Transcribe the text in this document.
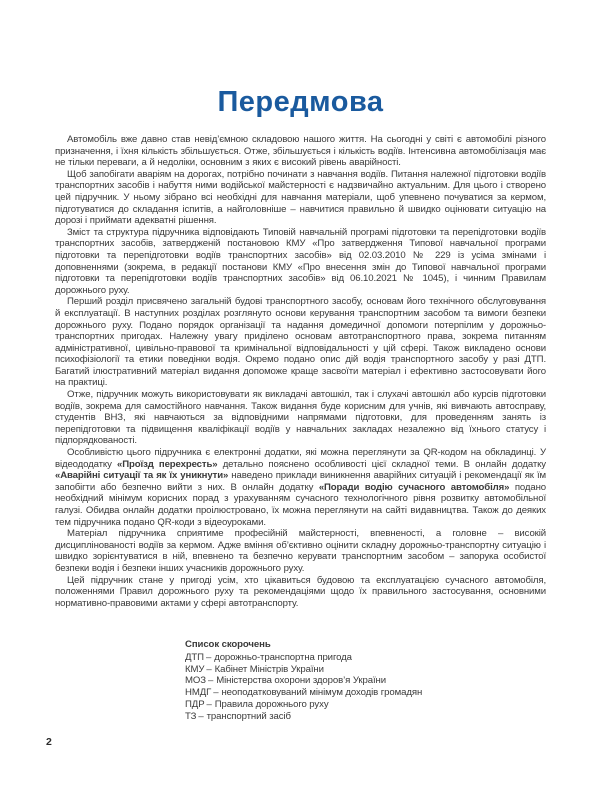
Передмова

Автомобіль вже давно став невід’ємною складовою нашого життя. На сьогодні у світі є автомобілі різного призначення, і їхня кількість збільшується. Отже, збільшується і кількість водіїв. Інтенсивна автомобілізація має не тільки переваги, а й недоліки, основним з яких є високий рівень аварійності.

Щоб запобігати аваріям на дорогах, потрібно починати з навчання водіїв. Питання належної підготовки водіїв транспортних засобів і набуття ними водійської майстерності є надзвичайно актуальним. Для цього і створено цей підручник. У ньому зібрано всі необхідні для навчання матеріали, щоб упевнено почуватися за кермом, підготуватися до складання іспитів, а найголовніше – навчитися правильно й швидко оцінювати ситуацію на дорозі і приймати адекватні рішення.

Зміст та структура підручника відповідають Типовій навчальній програмі підготовки та перепідготовки водіїв транспортних засобів, затвердженій постановою КМУ «Про затвердження Типової навчальної програми підготовки та перепідготовки водіїв транспортних засобів» від 02.03.2010 № 229 із усіма змінами і доповненнями (зокрема, в редакції постанови КМУ «Про внесення змін до Типової навчальної програми підготовки та перепідготовки водіїв транспортних засобів» від 06.10.2021 № 1045), і чинним Правилам дорожнього руху.

Перший розділ присвячено загальній будові транспортного засобу, основам його технічного обслуговування й експлуатації. В наступних розділах розглянуто основи керування транспортним засобом та вимоги безпеки дорожнього руху. Подано порядок організації та надання домедичної допомоги потерпілим у дорожньо-транспортних пригодах. Належну увагу приділено основам автотранспортного права, зокрема питанням адміністративної, цивільно-правової та кримінальної відповідальності у цій сфері. Також викладено основи психофізіології та етики поведінки водія. Окремо подано опис дій водія транспортного засобу у разі ДТП. Багатий ілюстративний матеріал видання допоможе краще засвоїти матеріал і ефективно застосовувати його на практиці.

Отже, підручник можуть використовувати як викладачі автошкіл, так і слухачі автошкіл або курсів підготовки водіїв, зокрема для самостійного навчання. Також видання буде корисним для учнів, які вивчають автосправу, студентів ВНЗ, які навчаються за відповідними напрямами підготовки, для проведенням занять із перепідготовки та підвищення кваліфікації водіїв у навчальних закладах незалежно від їхнього статусу і підпорядкованості.

Особливістю цього підручника є електронні додатки, які можна переглянути за QR-кодом на обкладинці. У відеододатку «Проїзд перехресть» детально пояснено особливості цієї складної теми. В онлайн додатку «Аварійні ситуації та як їх уникнути» наведено приклади виникнення аварійних ситуацій і рекомендації як їм запобігти або безпечно вийти з них. В онлайн додатку «Поради водію сучасного автомобіля» подано необхідний мінімум корисних порад з урахуванням сучасного технологічного рівня розвитку автомобільної галузі. Обидва онлайн додатки проілюстровано, їх можна переглянути на сайті видавництва. Також до деяких тем підручника подано QR-коди з відеоуроками.

Матеріал підручника сприятиме професійній майстерності, впевненості, а головне – високій дисциплінованості водіїв за кермом. Адже вміння об’єктивно оцінити складну дорожньо-транспортну ситуацію і швидко зорієнтуватися в ній, впевнено та безпечно керувати транспортним засобом – запорука особистої безпеки водія і безпеки інших учасників дорожнього руху.

Цей підручник стане у пригоді усім, хто цікавиться будовою та експлуатацією сучасного автомобіля, положеннями Правил дорожнього руху та рекомендаціями щодо їх правильного застосування, основними нормативно-правовими актами у сфері автотранспорту.

Список скорочень
ДТП – дорожньо-транспортна пригода
КМУ – Кабінет Міністрів України
МОЗ – Міністерства охорони здоров’я України
НМДГ – неоподатковуваний мінімум доходів громадян
ПДР – Правила дорожнього руху
ТЗ – транспортний засіб
2
